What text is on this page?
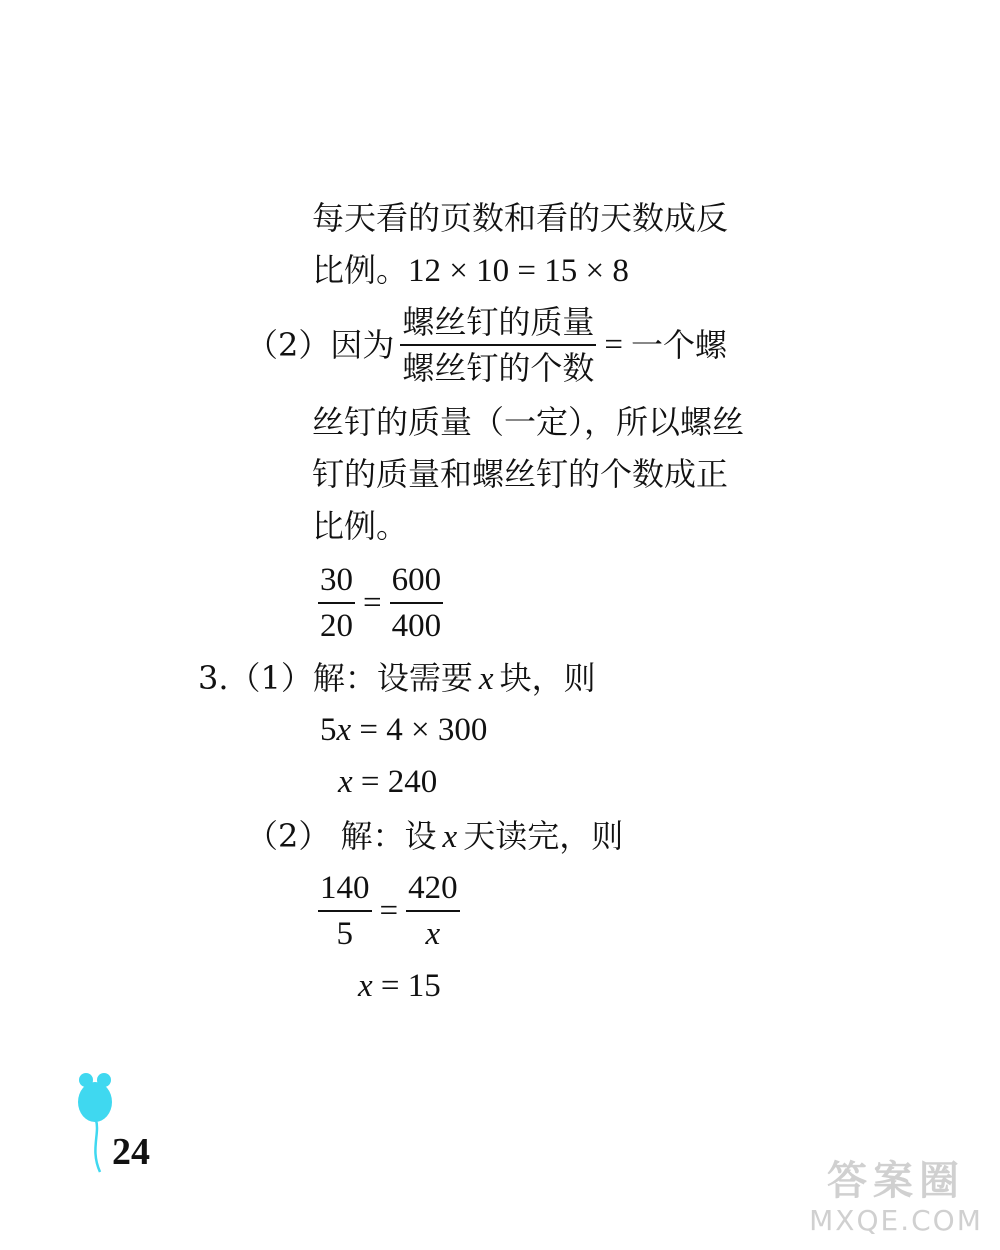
每天看的页数和看的天数成反
比例。12 × 10 = 15 × 8
（2）因为 $\frac{\text{螺丝钉的质量}}{\text{螺丝钉的个数}}$ = 一个螺
丝钉的质量（一定），所以螺丝
钉的质量和螺丝钉的个数成正
比例。
$\frac{30}{20} = \frac{600}{400}$
3.（1）解：设需要 x 块，则
5x = 4 × 300
x = 240
（2） 解：设 x 天读完，则
$\frac{140}{5} = \frac{420}{x}$
x = 15
24
答案圈
MXQE.COM
